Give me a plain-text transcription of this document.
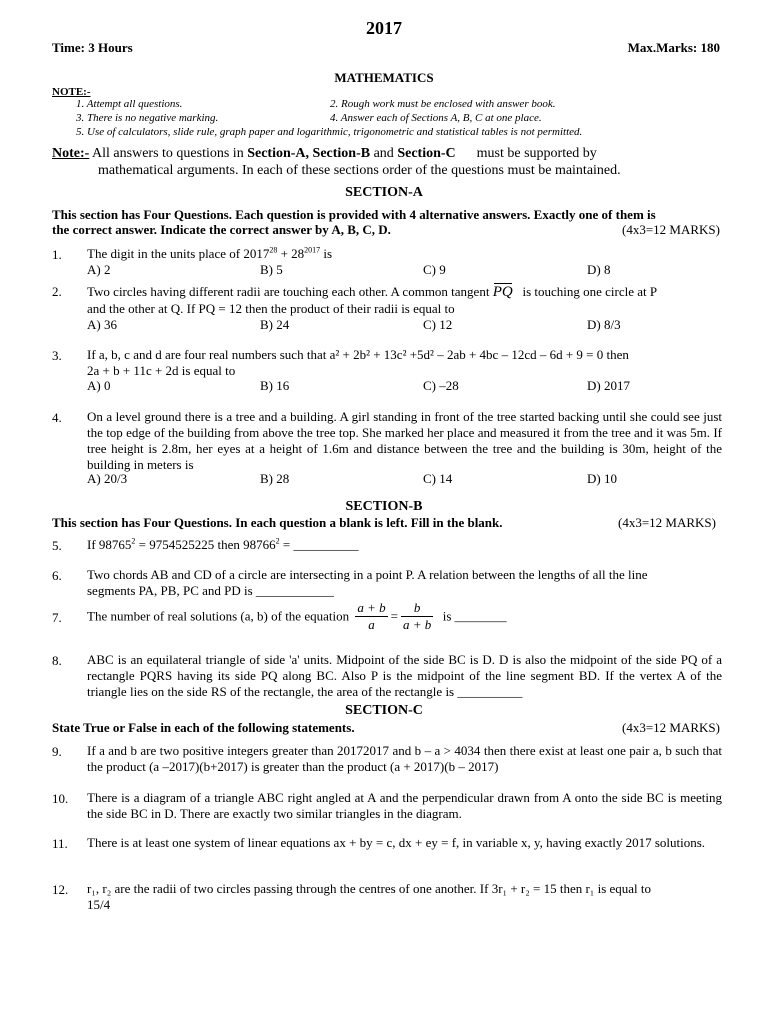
2017
Time: 3 Hours	Max.Marks: 180
MATHEMATICS
NOTE:-
1. Attempt all questions.	2. Rough work must be enclosed with answer book.
3. There is no negative marking.	4. Answer each of Sections A, B, C at one place.
5. Use of calculators, slide rule, graph paper and logarithmic, trigonometric and statistical tables is not permitted.
Note:- All answers to questions in Section-A, Section-B and Section-C      must be supported by
mathematical arguments. In each of these sections order of the questions must be maintained.
SECTION-A
This section has Four Questions. Each question is provided with 4 alternative answers. Exactly one of them is
the correct answer. Indicate the correct answer by A, B, C, D.	(4x3=12 MARKS)
1. The digit in the units place of $2017^{28} + 28^{2017}$ is
A) 2	B) 5	C) 9	D) 8
2. Two circles having different radii are touching each other. A common tangent PQ   is touching one circle at P
and the other at Q. If PQ = 12 then the product of their radii is equal to
A) 36	B) 24	C) 12	D) 8/3
3. If a, b, c and d are four real numbers such that a² + 2b² + 13c² +5d² – 2ab + 4bc – 12cd – 6d + 9 = 0 then
2a + b + 11c + 2d is equal to
A) 0	B) 16	C) –28	D) 2017
4. On a level ground there is a tree and a building. A girl standing in front of the tree started backing until she could see just the top edge of the building from above the tree top. She marked her place and measured it from the tree and it was 5m. If tree height is 2.8m, her eyes at a height of 1.6m and distance between the tree and the building is 30m, height of the building in meters is
A) 20/3	B) 28	C) 14	D) 10
SECTION-B
This section has Four Questions. In each question a blank is left. Fill in the blank.	(4x3=12 MARKS)
5. If $98765^2 = 9754525225$ then $98766^2$ = __________
6. Two chords AB and CD of a circle are intersecting in a point P. A relation between the lengths of all the line
segments PA, PB, PC and PD is ____________
7. The number of real solutions (a, b) of the equation $\frac{a + b}{a} = \frac{b}{a + b}$ is ________
8. ABC is an equilateral triangle of side 'a' units. Midpoint of the side BC is D. D is also the midpoint of the side PQ of a rectangle PQRS having its side PQ along BC. Also P is the midpoint of the line segment BD. If the vertex A of the triangle lies on the side RS of the rectangle, the area of the rectangle is __________
SECTION-C
State True or False in each of the following statements.	(4x3=12 MARKS)
9. If a and b are two positive integers greater than 20172017 and b – a > 4034 then there exist at least one pair a, b such that the product (a –2017)(b+2017) is greater than the product (a + 2017)(b – 2017)
10. There is a diagram of a triangle ABC right angled at A and the perpendicular drawn from A onto the side BC is meeting the side BC in D. There are exactly two similar triangles in the diagram.
11. There is at least one system of linear equations ax + by = c, dx + ey = f, in variable x, y, having exactly 2017 solutions.
12. r₁, r₂ are the radii of two circles passing through the centres of one another. If 3r₁ + r₂ = 15 then r₁ is equal to
15/4
